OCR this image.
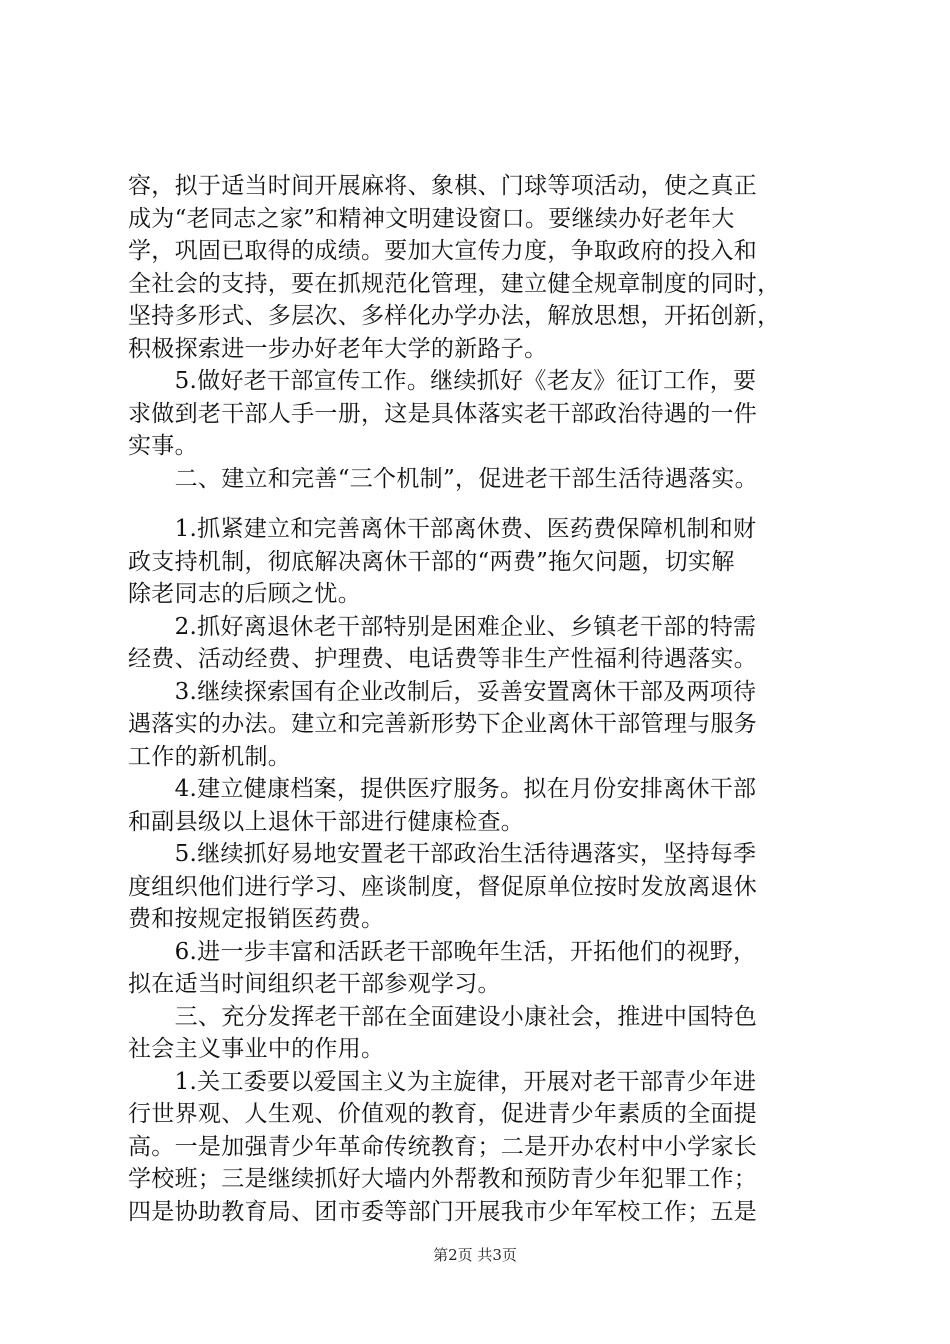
容，拟于适当时间开展麻将、象棋、门球等项活动，使之真正
成为“老同志之家”和精神文明建设窗口。要继续办好老年大
学，巩固已取得的成绩。要加大宣传力度，争取政府的投入和
全社会的支持，要在抓规范化管理，建立健全规章制度的同时，
坚持多形式、多层次、多样化办学办法，解放思想，开拓创新，
积极探索进一步办好老年大学的新路子。
　　5.做好老干部宣传工作。继续抓好《老友》征订工作，要
求做到老干部人手一册，这是具体落实老干部政治待遇的一件
实事。
　　二、建立和完善“三个机制”，促进老干部生活待遇落实。
　　1.抓紧建立和完善离休干部离休费、医药费保障机制和财
政支持机制，彻底解决离休干部的“两费”拖欠问题，切实解
除老同志的后顾之忧。
　　2.抓好离退休老干部特别是困难企业、乡镇老干部的特需
经费、活动经费、护理费、电话费等非生产性福利待遇落实。
　　3.继续探索国有企业改制后，妥善安置离休干部及两项待
遇落实的办法。建立和完善新形势下企业离休干部管理与服务
工作的新机制。
　　4.建立健康档案，提供医疗服务。拟在月份安排离休干部
和副县级以上退休干部进行健康检查。
　　5.继续抓好易地安置老干部政治生活待遇落实，坚持每季
度组织他们进行学习、座谈制度，督促原单位按时发放离退休
费和按规定报销医药费。
　　6.进一步丰富和活跃老干部晚年生活，开拓他们的视野，
拟在适当时间组织老干部参观学习。
　　三、充分发挥老干部在全面建设小康社会，推进中国特色
社会主义事业中的作用。
　　1.关工委要以爱国主义为主旋律，开展对老干部青少年进
行世界观、人生观、价值观的教育，促进青少年素质的全面提
高。一是加强青少年革命传统教育；二是开办农村中小学家长
学校班；三是继续抓好大墙内外帮教和预防青少年犯罪工作；
四是协助教育局、团市委等部门开展我市少年军校工作；五是
第2页 共3页
